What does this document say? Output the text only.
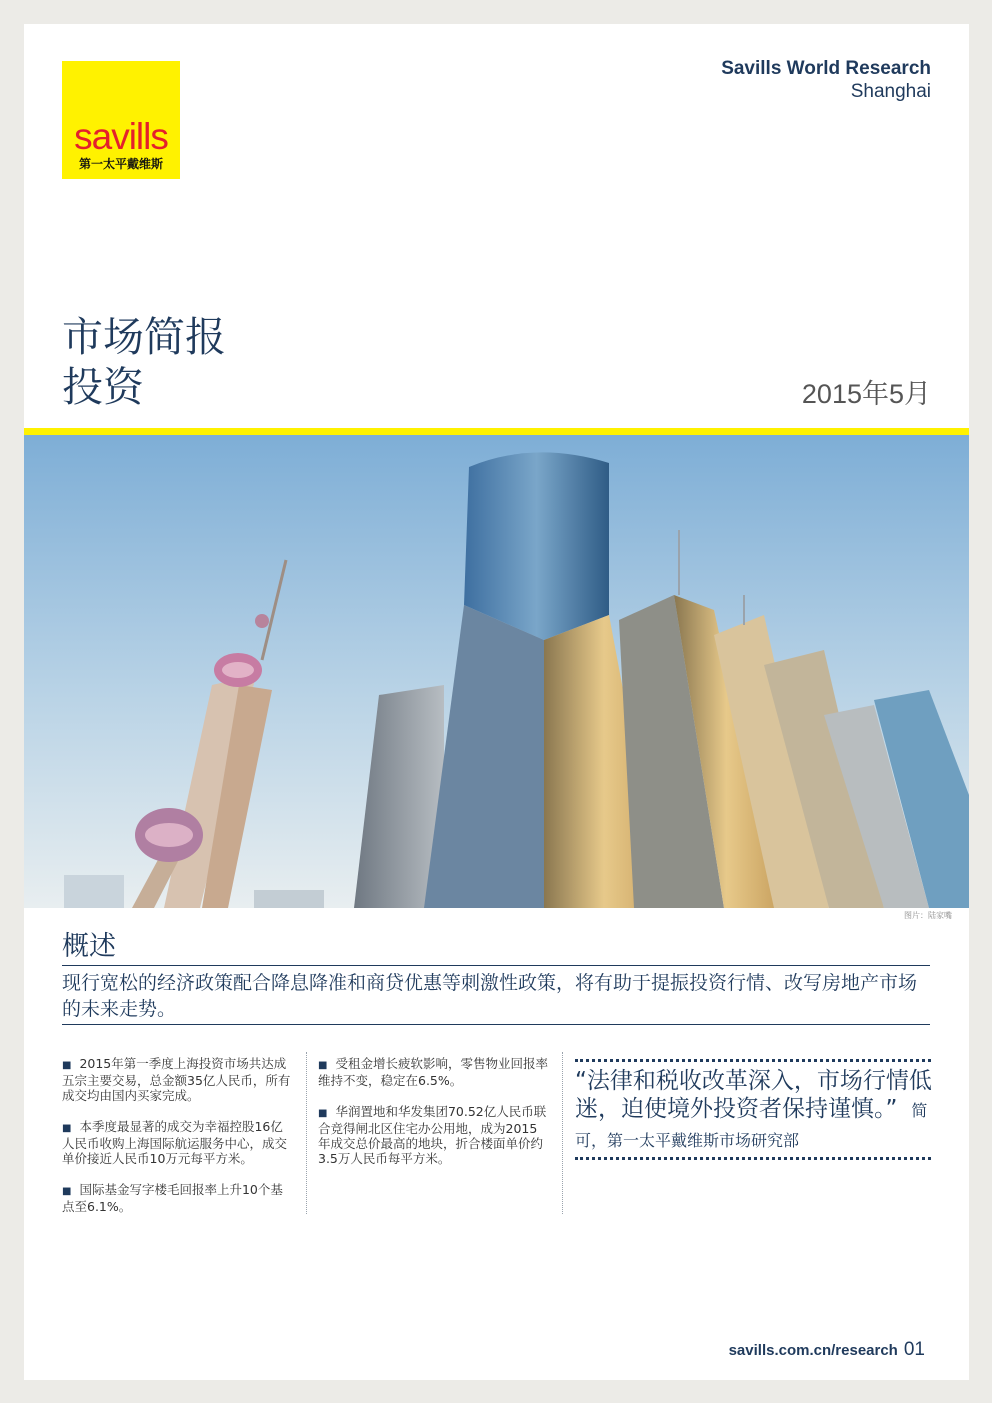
savills
第一太平戴维斯
Savills World Research
Shanghai
市场简报
投资	2015年5月
图片：陆家嘴
概述
现行宽松的经济政策配合降息降准和商贷优惠等刺激性政策，将有助于提振投资行情、改写房地产市场的未来走势。

■ 2015年第一季度上海投资市场共达成五宗主要交易，总金额35亿人民币，所有成交均由国内买家完成。

■ 本季度最显著的成交为幸福控股16亿人民币收购上海国际航运服务中心，成交单价接近人民币10万元每平方米。

■ 国际基金写字楼毛回报率上升10个基点至6.1%。

■ 受租金增长疲软影响，零售物业回报率维持不变，稳定在6.5%。

■ 华润置地和华发集团70.52亿人民币联合竞得闸北区住宅办公用地，成为2015年成交总价最高的地块，折合楼面单价约3.5万人民币每平方米。

“法律和税收改革深入，市场行情低迷，迫使境外投资者保持谨慎。” 简可，第一太平戴维斯市场研究部
savills.com.cn/research 01
